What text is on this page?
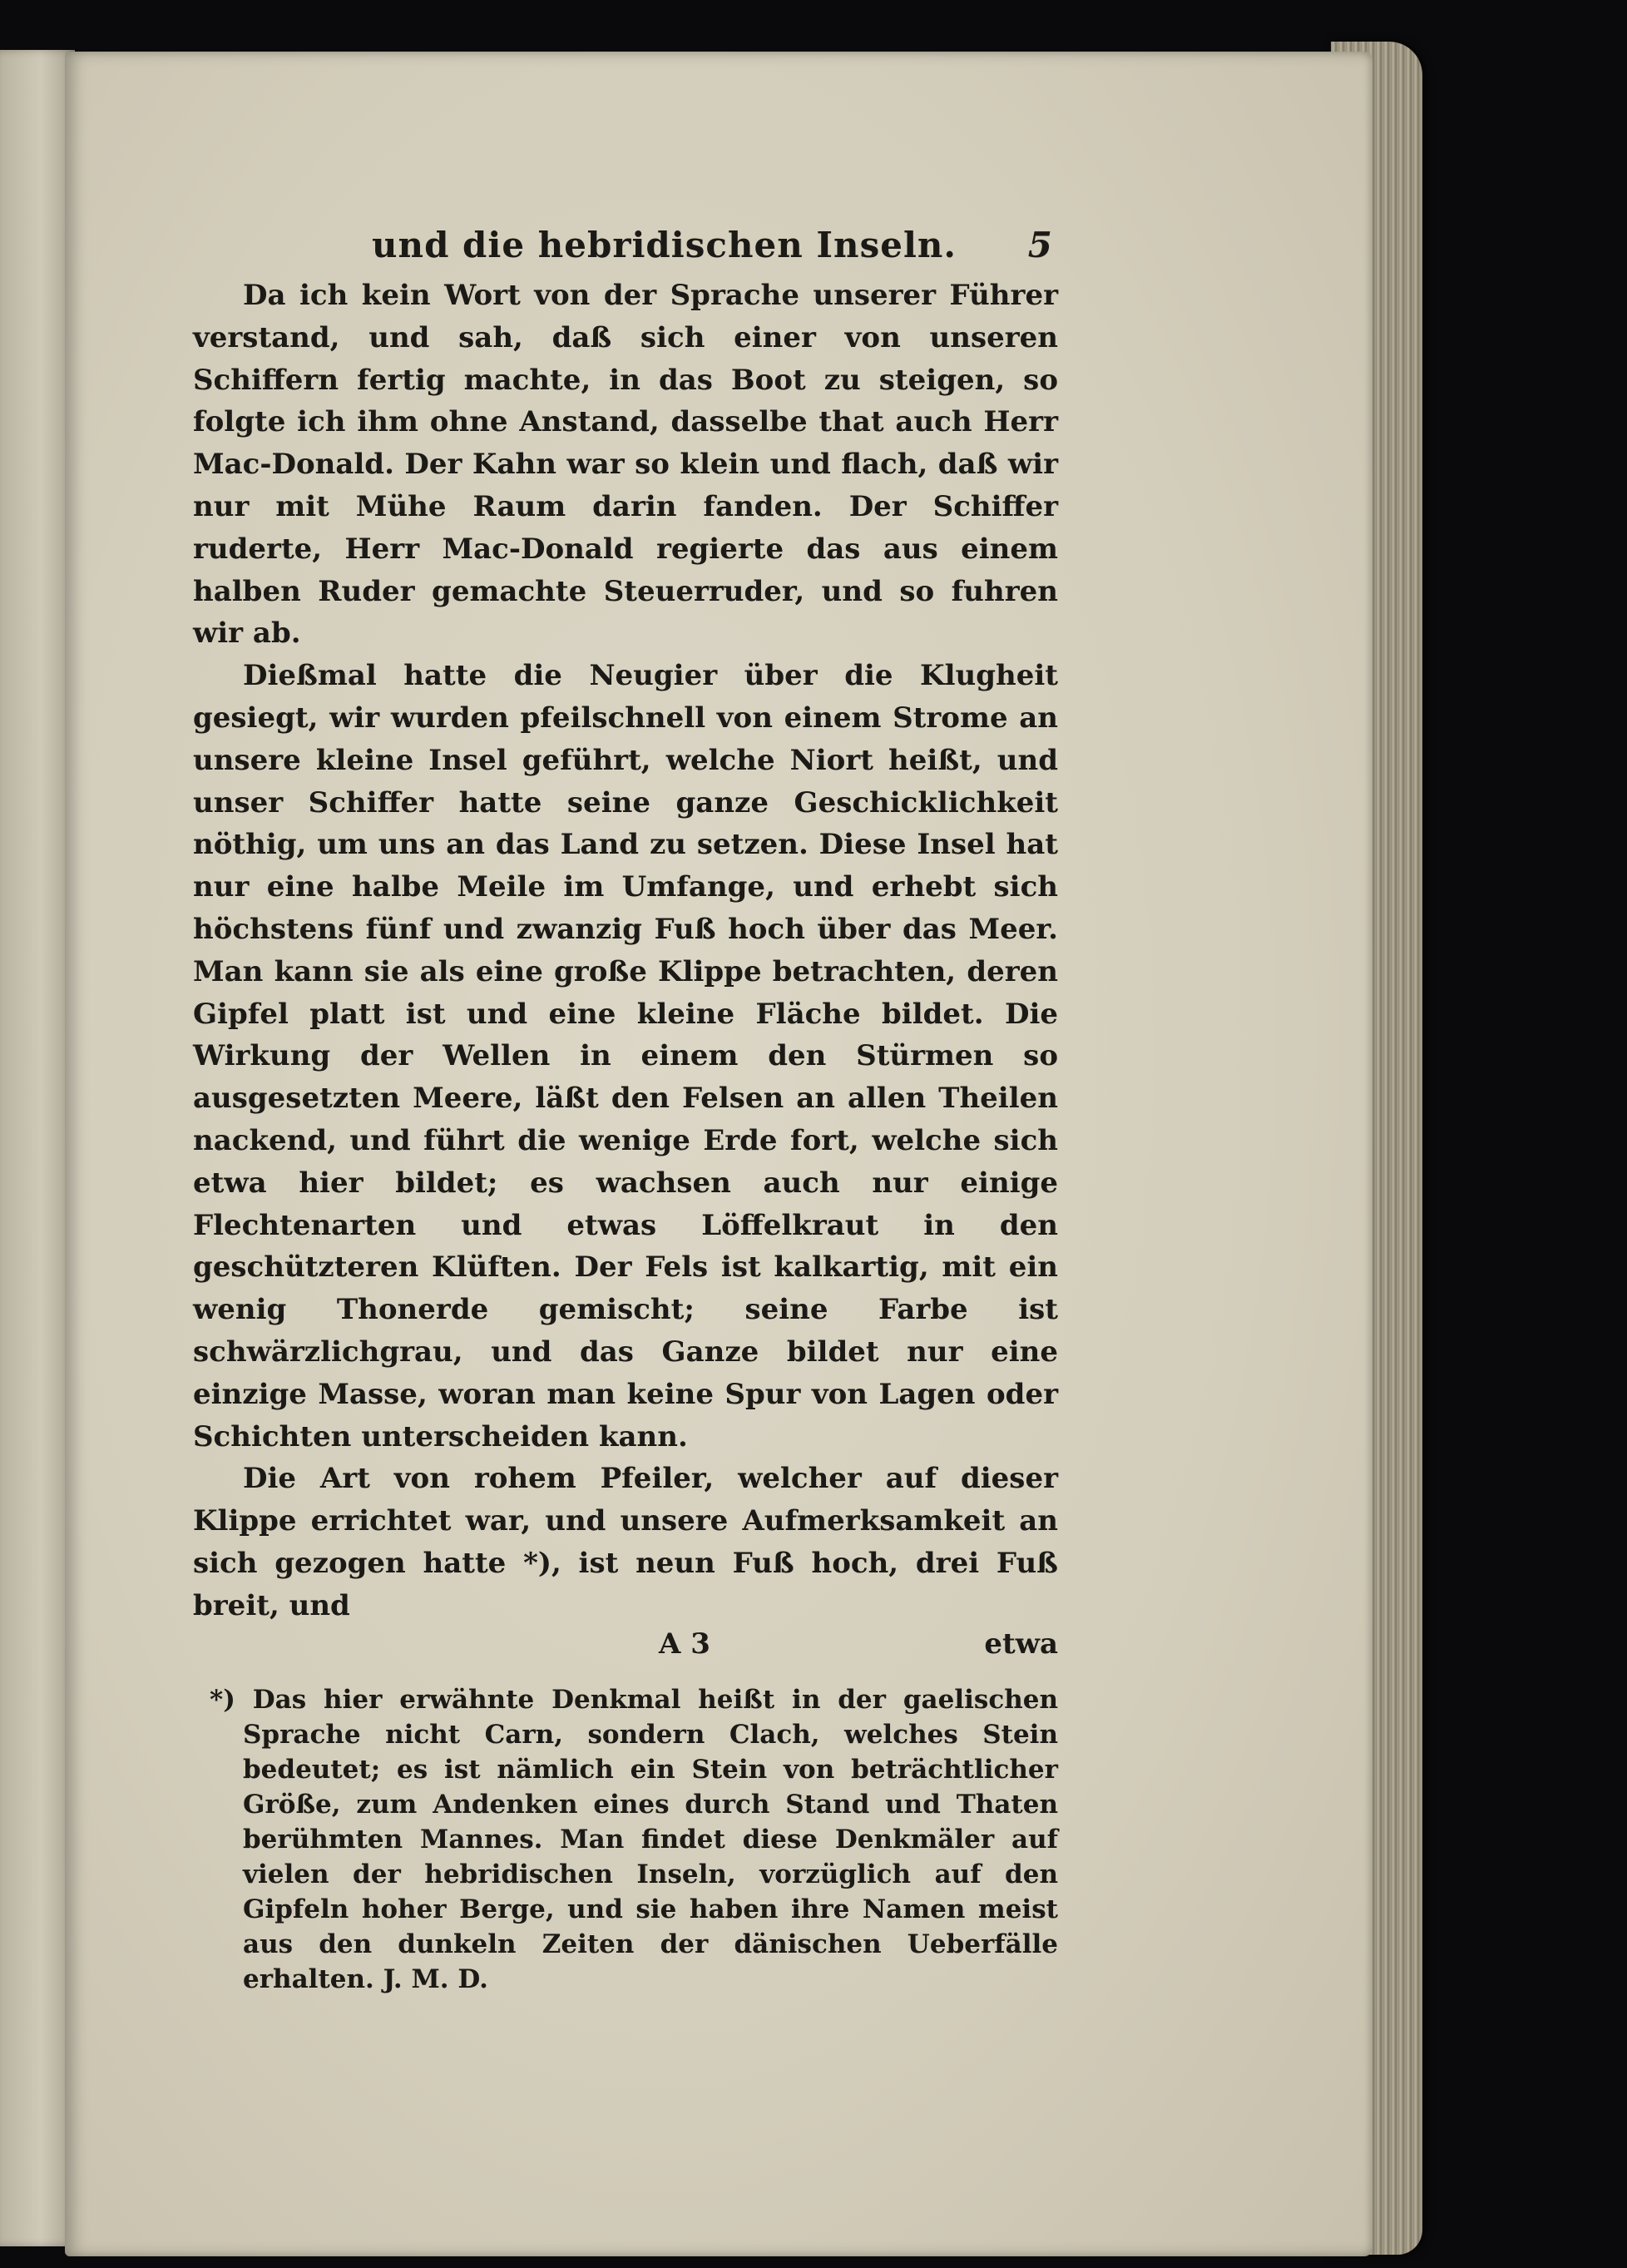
und die hebridischen Inseln. 5

Da ich kein Wort von der Sprache unserer Führer verstand, und sah, daß sich einer von unseren Schiffern fertig machte, in das Boot zu steigen, so folgte ich ihm ohne Anstand, dasselbe that auch Herr Mac-Donald. Der Kahn war so klein und flach, daß wir nur mit Mühe Raum darin fanden. Der Schiffer ruderte, Herr Mac-Donald regierte das aus einem halben Ruder gemachte Steuerruder, und so fuhren wir ab.

Dießmal hatte die Neugier über die Klugheit gesiegt, wir wurden pfeilschnell von einem Strome an unsere kleine Insel geführt, welche Niort heißt, und unser Schiffer hatte seine ganze Geschicklichkeit nöthig, um uns an das Land zu setzen. Diese Insel hat nur eine halbe Meile im Umfange, und erhebt sich höchstens fünf und zwanzig Fuß hoch über das Meer. Man kann sie als eine große Klippe betrachten, deren Gipfel platt ist und eine kleine Fläche bildet. Die Wirkung der Wellen in einem den Stürmen so ausgesetzten Meere, läßt den Felsen an allen Theilen nackend, und führt die wenige Erde fort, welche sich etwa hier bildet; es wachsen auch nur einige Flechtenarten und etwas Löffelkraut in den geschützteren Klüften. Der Fels ist kalkartig, mit ein wenig Thonerde gemischt; seine Farbe ist schwärzlichgrau, und das Ganze bildet nur eine einzige Masse, woran man keine Spur von Lagen oder Schichten unterscheiden kann.

Die Art von rohem Pfeiler, welcher auf dieser Klippe errichtet war, und unsere Aufmerksamkeit an sich gezogen hatte *), ist neun Fuß hoch, drei Fuß breit, und

A 3	etwa
*) Das hier erwähnte Denkmal heißt in der gaelischen Sprache nicht Carn, sondern Clach, welches Stein bedeutet; es ist nämlich ein Stein von beträchtlicher Größe, zum Andenken eines durch Stand und Thaten berühmten Mannes. Man findet diese Denkmäler auf vielen der hebridischen Inseln, vorzüglich auf den Gipfeln hoher Berge, und sie haben ihre Namen meist aus den dunkeln Zeiten der dänischen Ueberfälle erhalten. J. M. D.
